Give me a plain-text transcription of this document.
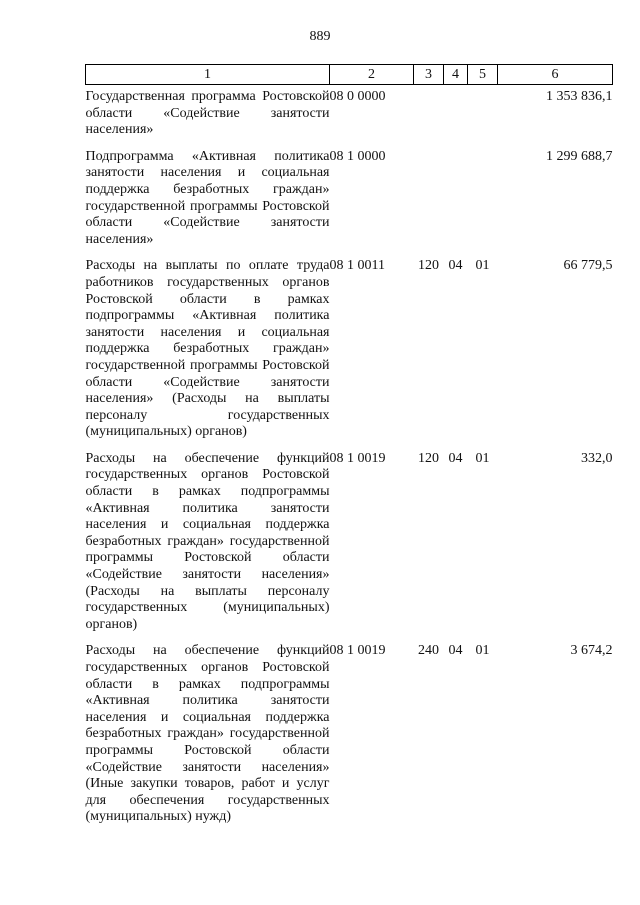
889
1	2	3	4	5	6

Государственная программа Ростовской области «Содействие занятости населения»	08 0 0000				1 353 836,1

Подпрограмма «Активная политика занятости населения и социальная поддержка безработных граждан» государственной программы Ростовской области «Содействие занятости населения»	08 1 0000				1 299 688,7

Расходы на выплаты по оплате труда работников государственных органов Ростовской области в рамках подпрограммы «Активная политика занятости населения и социальная поддержка безработных граждан» государственной программы Ростовской области «Содействие занятости населения» (Расходы на выплаты персоналу государственных (муниципальных) органов)	08 1 0011	120	04	01	66 779,5

Расходы на обеспечение функций государственных органов Ростовской области в рамках подпрограммы «Активная политика занятости населения и социальная поддержка безработных граждан» государственной программы Ростовской области «Содействие занятости населения» (Расходы на выплаты персоналу государственных (муниципальных) органов)	08 1 0019	120	04	01	332,0

Расходы на обеспечение функций государственных органов Ростовской области в рамках подпрограммы «Активная политика занятости населения и социальная поддержка безработных граждан» государственной программы Ростовской области «Содействие занятости населения» (Иные закупки товаров, работ и услуг для обеспечения государственных (муниципальных) нужд)	08 1 0019	240	04	01	3 674,2
